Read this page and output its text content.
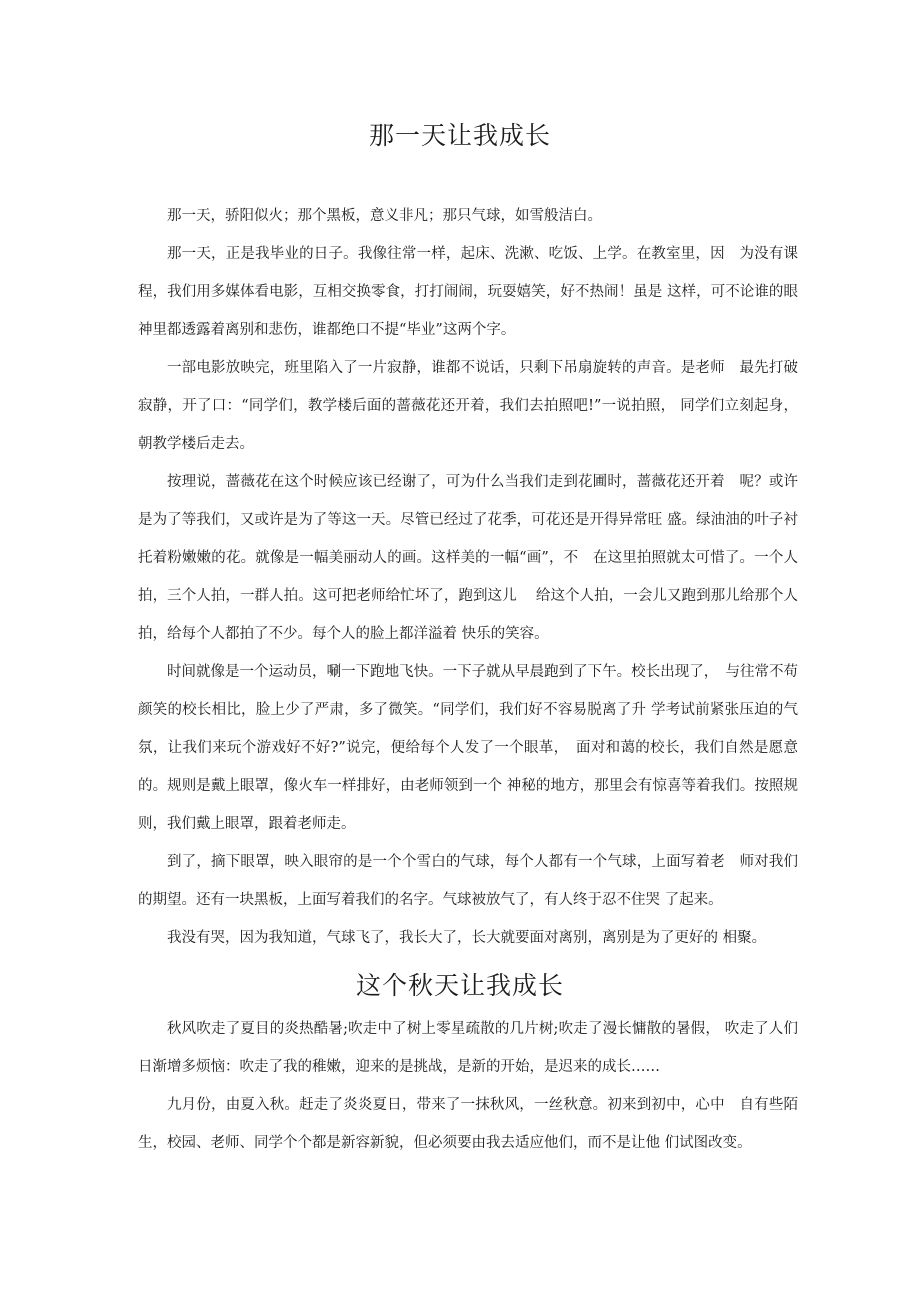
那一天让我成长

那一天，骄阳似火；那个黑板，意义非凡；那只气球，如雪般洁白。

那一天，正是我毕业的日子。我像往常一样，起床、洗漱、吃饭、上学。在教室里，因　为没有课程，我们用多媒体看电影，互相交换零食，打打闹闹，玩耍嬉笑，好不热闹！虽是 这样，可不论谁的眼神里都透露着离别和悲伤，谁都绝口不提“毕业”这两个字。

一部电影放映完，班里陷入了一片寂静，谁都不说话，只剩下吊扇旋转的声音。是老师　最先打破寂静，开了口：“同学们，教学楼后面的蔷薇花还开着，我们去拍照吧!”一说拍照， 同学们立刻起身，朝教学楼后走去。

按理说，蔷薇花在这个时候应该已经谢了，可为什么当我们走到花圃时，蔷薇花还开着　呢？或许是为了等我们，又或许是为了等这一天。尽管已经过了花季，可花还是开得异常旺 盛。绿油油的叶子衬托着粉嫩嫩的花。就像是一幅美丽动人的画。这样美的一幅“画”，不　在这里拍照就太可惜了。一个人拍，三个人拍，一群人拍。这可把老师给忙坏了，跑到这儿　 给这个人拍，一会儿又跑到那儿给那个人拍，给每个人都拍了不少。每个人的脸上都洋溢着 快乐的笑容。

时间就像是一个运动员，唰一下跑地飞快。一下子就从早晨跑到了下午。校长出现了，　与往常不苟颜笑的校长相比，脸上少了严肃，多了微笑。“同学们，我们好不容易脱离了升 学考试前紧张压迫的气氛，让我们来玩个游戏好不好?”说完，便给每个人发了一个眼革，　面对和蔼的校长，我们自然是愿意的。规则是戴上眼罩，像火车一样排好，由老师领到一个 神秘的地方，那里会有惊喜等着我们。按照规则，我们戴上眼罩，跟着老师走。

到了，摘下眼罩，映入眼帘的是一个个雪白的气球，每个人都有一个气球，上面写着老　师对我们的期望。还有一块黑板，上面写着我们的名字。气球被放气了，有人终于忍不住哭 了起来。

我没有哭，因为我知道，气球飞了，我长大了，长大就要面对离别，离别是为了更好的 相聚。

这个秋天让我成长

秋风吹走了夏目的炎热酷暑;吹走中了树上零星疏散的几片树;吹走了漫长慵散的暑假， 吹走了人们日渐增多烦恼：吹走了我的稚嫩，迎来的是挑战，是新的开始，是迟来的成长……

九月份，由夏入秋。赶走了炎炎夏日，带来了一抹秋风，一丝秋意。初来到初中，心中　自有些陌生，校园、老师、同学个个都是新容新貌，但必须要由我去适应他们，而不是让他 们试图改变。
